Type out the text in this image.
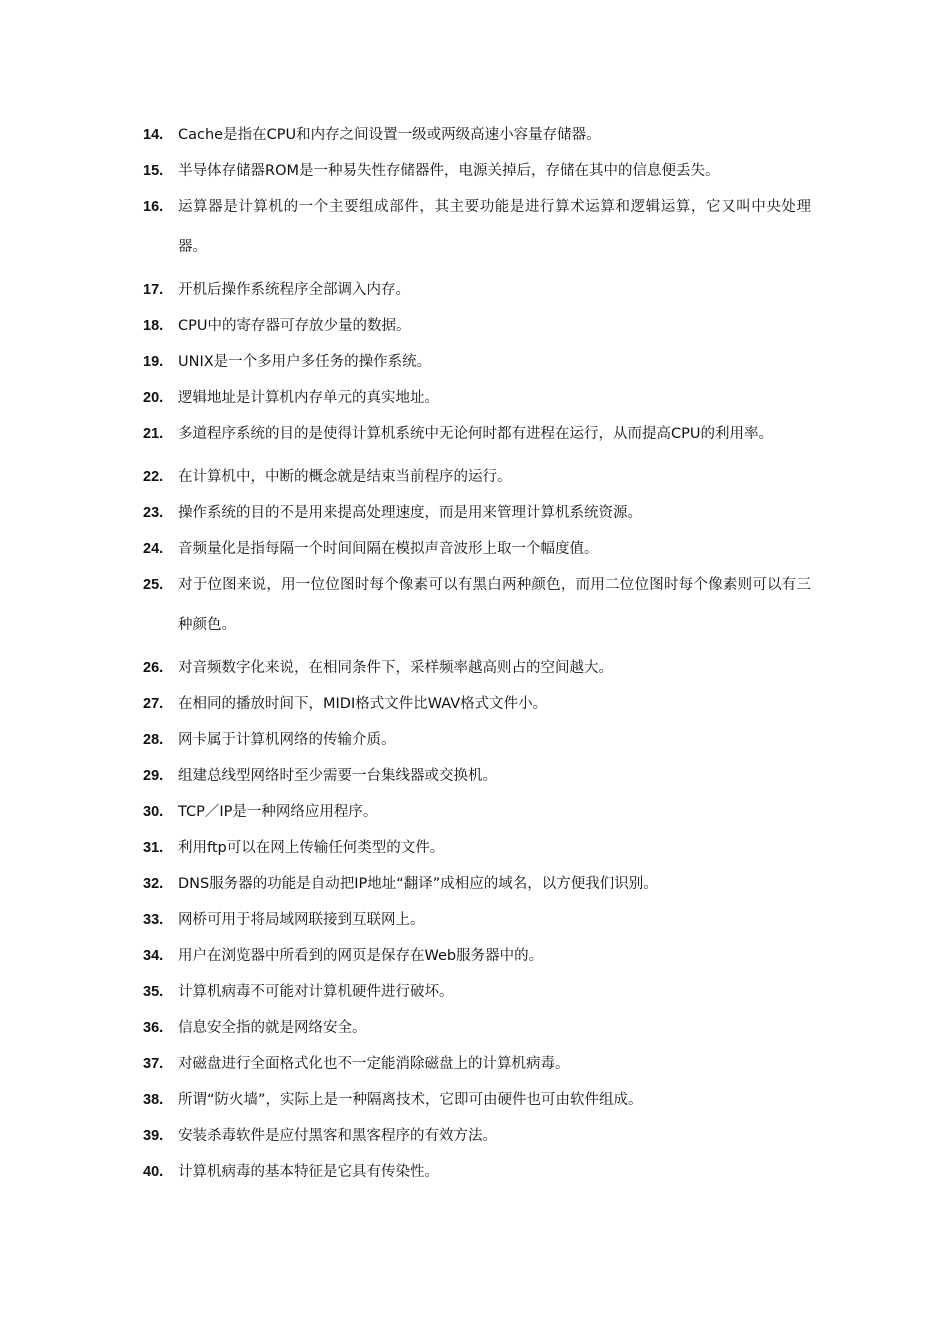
14.	Cache是指在CPU和内存之间设置一级或两级高速小容量存储器。
15.	半导体存储器ROM是一种易失性存储器件，电源关掉后，存储在其中的信息便丢失。
16.	运算器是计算机的一个主要组成部件，其主要功能是进行算术运算和逻辑运算，它又叫中央处理器。
17.	开机后操作系统程序全部调入内存。
18.	CPU中的寄存器可存放少量的数据。
19.	UNIX是一个多用户多任务的操作系统。
20.	逻辑地址是计算机内存单元的真实地址。
21.	多道程序系统的目的是使得计算机系统中无论何时都有进程在运行，从而提高CPU的利用率。
22.	在计算机中，中断的概念就是结束当前程序的运行。
23.	操作系统的目的不是用来提高处理速度，而是用来管理计算机系统资源。
24.	音频量化是指每隔一个时间间隔在模拟声音波形上取一个幅度值。
25.	对于位图来说，用一位位图时每个像素可以有黑白两种颜色，而用二位位图时每个像素则可以有三种颜色。
26.	对音频数字化来说，在相同条件下，采样频率越高则占的空间越大。
27.	在相同的播放时间下，MIDI格式文件比WAV格式文件小。
28.	网卡属于计算机网络的传输介质。
29.	组建总线型网络时至少需要一台集线器或交换机。
30.	TCP／IP是一种网络应用程序。
31.	利用ftp可以在网上传输任何类型的文件。
32.	DNS服务器的功能是自动把IP地址“翻译”成相应的域名，以方便我们识别。
33.	网桥可用于将局域网联接到互联网上。
34.	用户在浏览器中所看到的网页是保存在Web服务器中的。
35.	计算机病毒不可能对计算机硬件进行破坏。
36.	信息安全指的就是网络安全。
37.	对磁盘进行全面格式化也不一定能消除磁盘上的计算机病毒。
38.	所谓“防火墙”，实际上是一种隔离技术，它即可由硬件也可由软件组成。
39.	安装杀毒软件是应付黑客和黑客程序的有效方法。
40.	计算机病毒的基本特征是它具有传染性。
